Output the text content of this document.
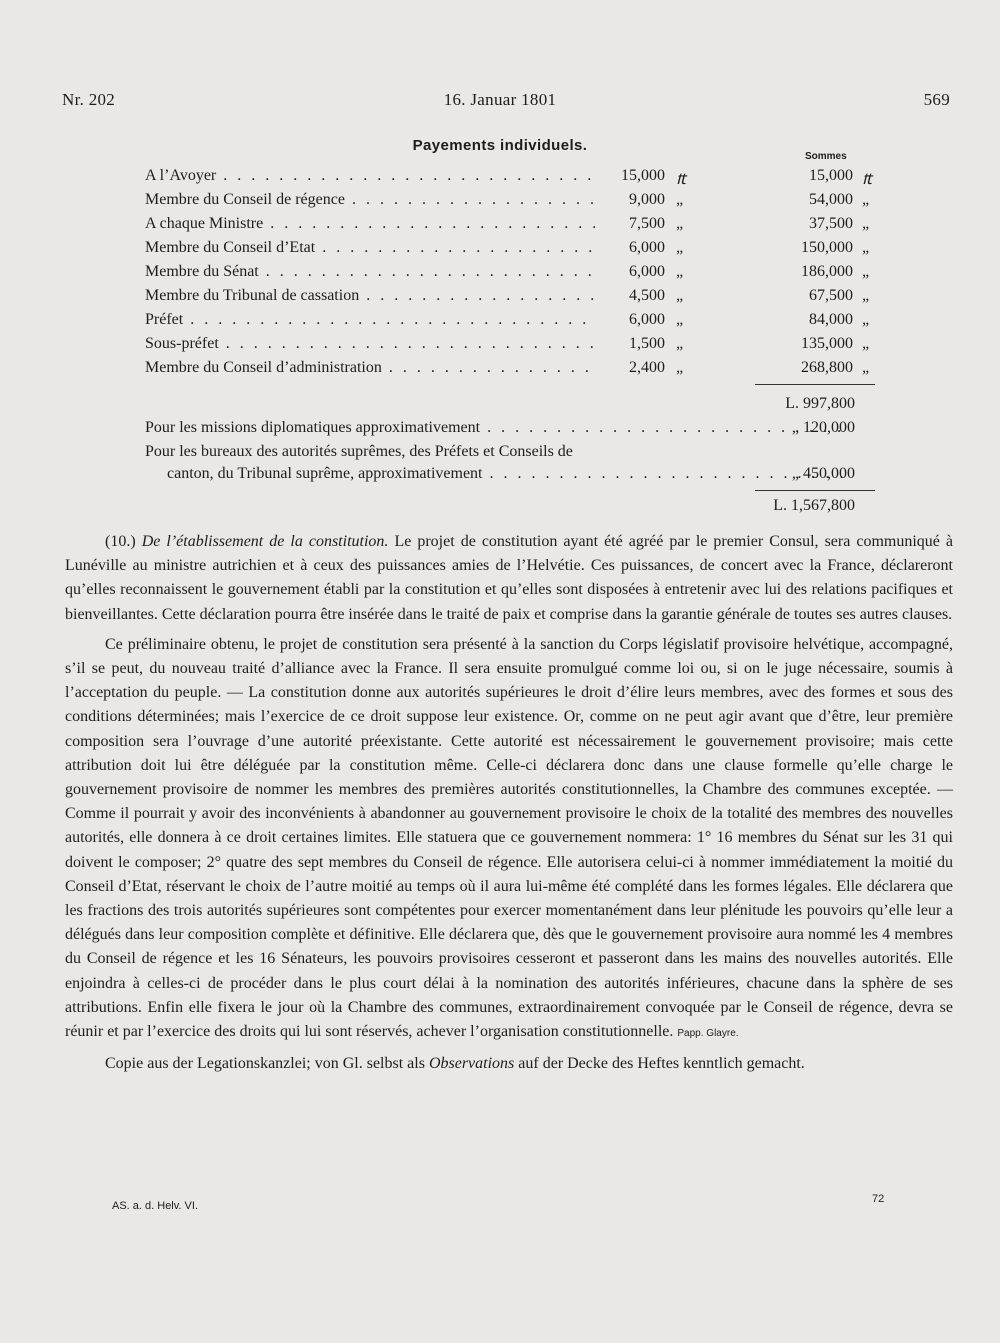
Nr. 202	16. Januar 1801	569
Payements individuels.
Sommes
A l’Avoyer . . .	15,000 ₶	15,000 ₶
Membre du Conseil de régence . . .	9,000 „	54,000 „
A chaque Ministre . . .	7,500 „	37,500 „
Membre du Conseil d’Etat . . .	6,000 „	150,000 „
Membre du Sénat . . .	6,000 „	186,000 „
Membre du Tribunal de cassation . . .	4,500 „	67,500 „
Préfet . . .	6,000 „	84,000 „
Sous-préfet . . .	1,500 „	135,000 „
Membre du Conseil d’administration . . .	2,400 „	268,800 „
L. 997,800
Pour les missions diplomatiques approximativement . . .	„ 120,000
Pour les bureaux des autorités suprêmes, des Préfets et Conseils de
canton, du Tribunal suprême, approximativement . . .	„ 450,000
L. 1,567,800

(10.) De l’établissement de la constitution. Le projet de constitution ayant été agréé par le premier Consul, sera communiqué à Lunéville au ministre autrichien et à ceux des puissances amies de l’Helvétie. Ces puissances, de concert avec la France, déclareront qu’elles reconnaissent le gouvernement établi par la constitution et qu’elles sont disposées à entretenir avec lui des relations pacifiques et bienveillantes. Cette déclaration pourra être insérée dans le traité de paix et comprise dans la garantie générale de toutes ses autres clauses.

Ce préliminaire obtenu, le projet de constitution sera présenté à la sanction du Corps législatif provisoire helvétique, accompagné, s’il se peut, du nouveau traité d’alliance avec la France. Il sera ensuite promulgué comme loi ou, si on le juge nécessaire, soumis à l’acceptation du peuple. — La constitution donne aux autorités supérieures le droit d’élire leurs membres, avec des formes et sous des conditions déterminées; mais l’exercice de ce droit suppose leur existence. Or, comme on ne peut agir avant que d’être, leur première composition sera l’ouvrage d’une autorité préexistante. Cette autorité est nécessairement le gouvernement provisoire; mais cette attribution doit lui être déléguée par la constitution même. Celle-ci déclarera donc dans une clause formelle qu’elle charge le gouvernement provisoire de nommer les membres des premières autorités constitutionnelles, la Chambre des communes exceptée. — Comme il pourrait y avoir des inconvénients à abandonner au gouvernement provisoire le choix de la totalité des membres des nouvelles autorités, elle donnera à ce droit certaines limites. Elle statuera que ce gouvernement nommera: 1° 16 membres du Sénat sur les 31 qui doivent le composer; 2° quatre des sept membres du Conseil de régence. Elle autorisera celui-ci à nommer immédiatement la moitié du Conseil d’Etat, réservant le choix de l’autre moitié au temps où il aura lui-même été complété dans les formes légales. Elle déclarera que les fractions des trois autorités supérieures sont compétentes pour exercer momentanément dans leur plénitude les pouvoirs qu’elle leur a délégués dans leur composition complète et définitive. Elle déclarera que, dès que le gouvernement provisoire aura nommé les 4 membres du Conseil de régence et les 16 Sénateurs, les pouvoirs provisoires cesseront et passeront dans les mains des nouvelles autorités. Elle enjoindra à celles-ci de procéder dans le plus court délai à la nomination des autorités inférieures, chacune dans la sphère de ses attributions. Enfin elle fixera le jour où la Chambre des communes, extraordinairement convoquée par le Conseil de régence, devra se réunir et par l’exercice des droits qui lui sont réservés, achever l’organisation constitutionnelle. Papp. Glayre.

Copie aus der Legationskanzlei; von Gl. selbst als Observations auf der Decke des Heftes kenntlich gemacht.

AS. a. d. Helv. VI.
72
